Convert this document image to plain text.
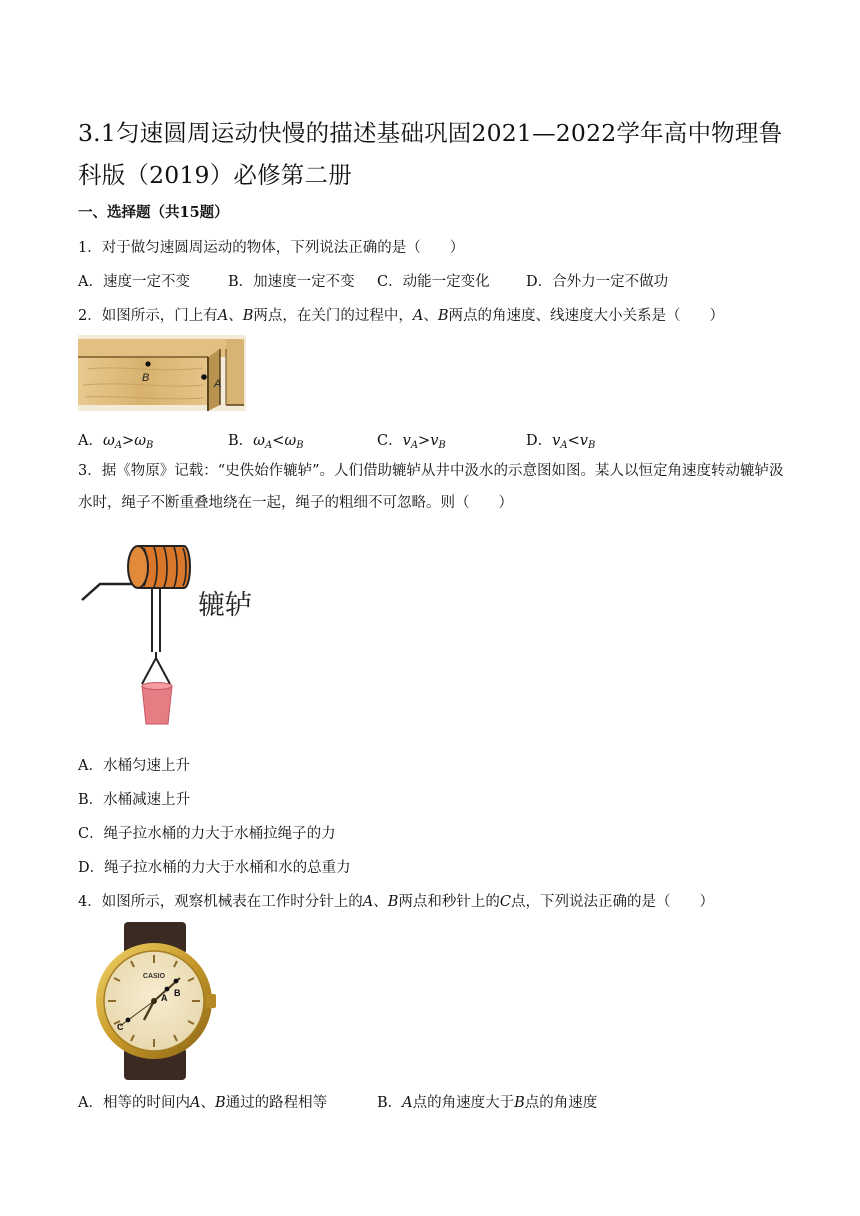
3.1匀速圆周运动快慢的描述基础巩固2021—2022学年高中物理鲁科版（2019）必修第二册
一、选择题（共15题）
1．对于做匀速圆周运动的物体，下列说法正确的是（　　）
A．速度一定不变	B．加速度一定不变 C．动能一定变化	D．合外力一定不做功
2．如图所示，门上有A、B两点，在关门的过程中，A、B两点的角速度、线速度大小关系是（　　）
B	A
A．$\omega_A>\omega_B$	B．$\omega_A<\omega_B$	C．$v_A>v_B$	D．$v_A<v_B$
3．据《物原》记载：“史佚始作辘轳”。人们借助辘轳从井中汲水的示意图如图。某人以恒定角速度转动辘轳汲水时，绳子不断重叠地绕在一起，绳子的粗细不可忽略。则（　　）
辘轳
A．水桶匀速上升
B．水桶减速上升
C．绳子拉水桶的力大于水桶拉绳子的力
D．绳子拉水桶的力大于水桶和水的总重力
4．如图所示，观察机械表在工作时分针上的A、B两点和秒针上的C点，下列说法正确的是（　　）
CASIO
B
A
C
A．相等的时间内A、B通过的路程相等	B．A点的角速度大于B点的角速度
